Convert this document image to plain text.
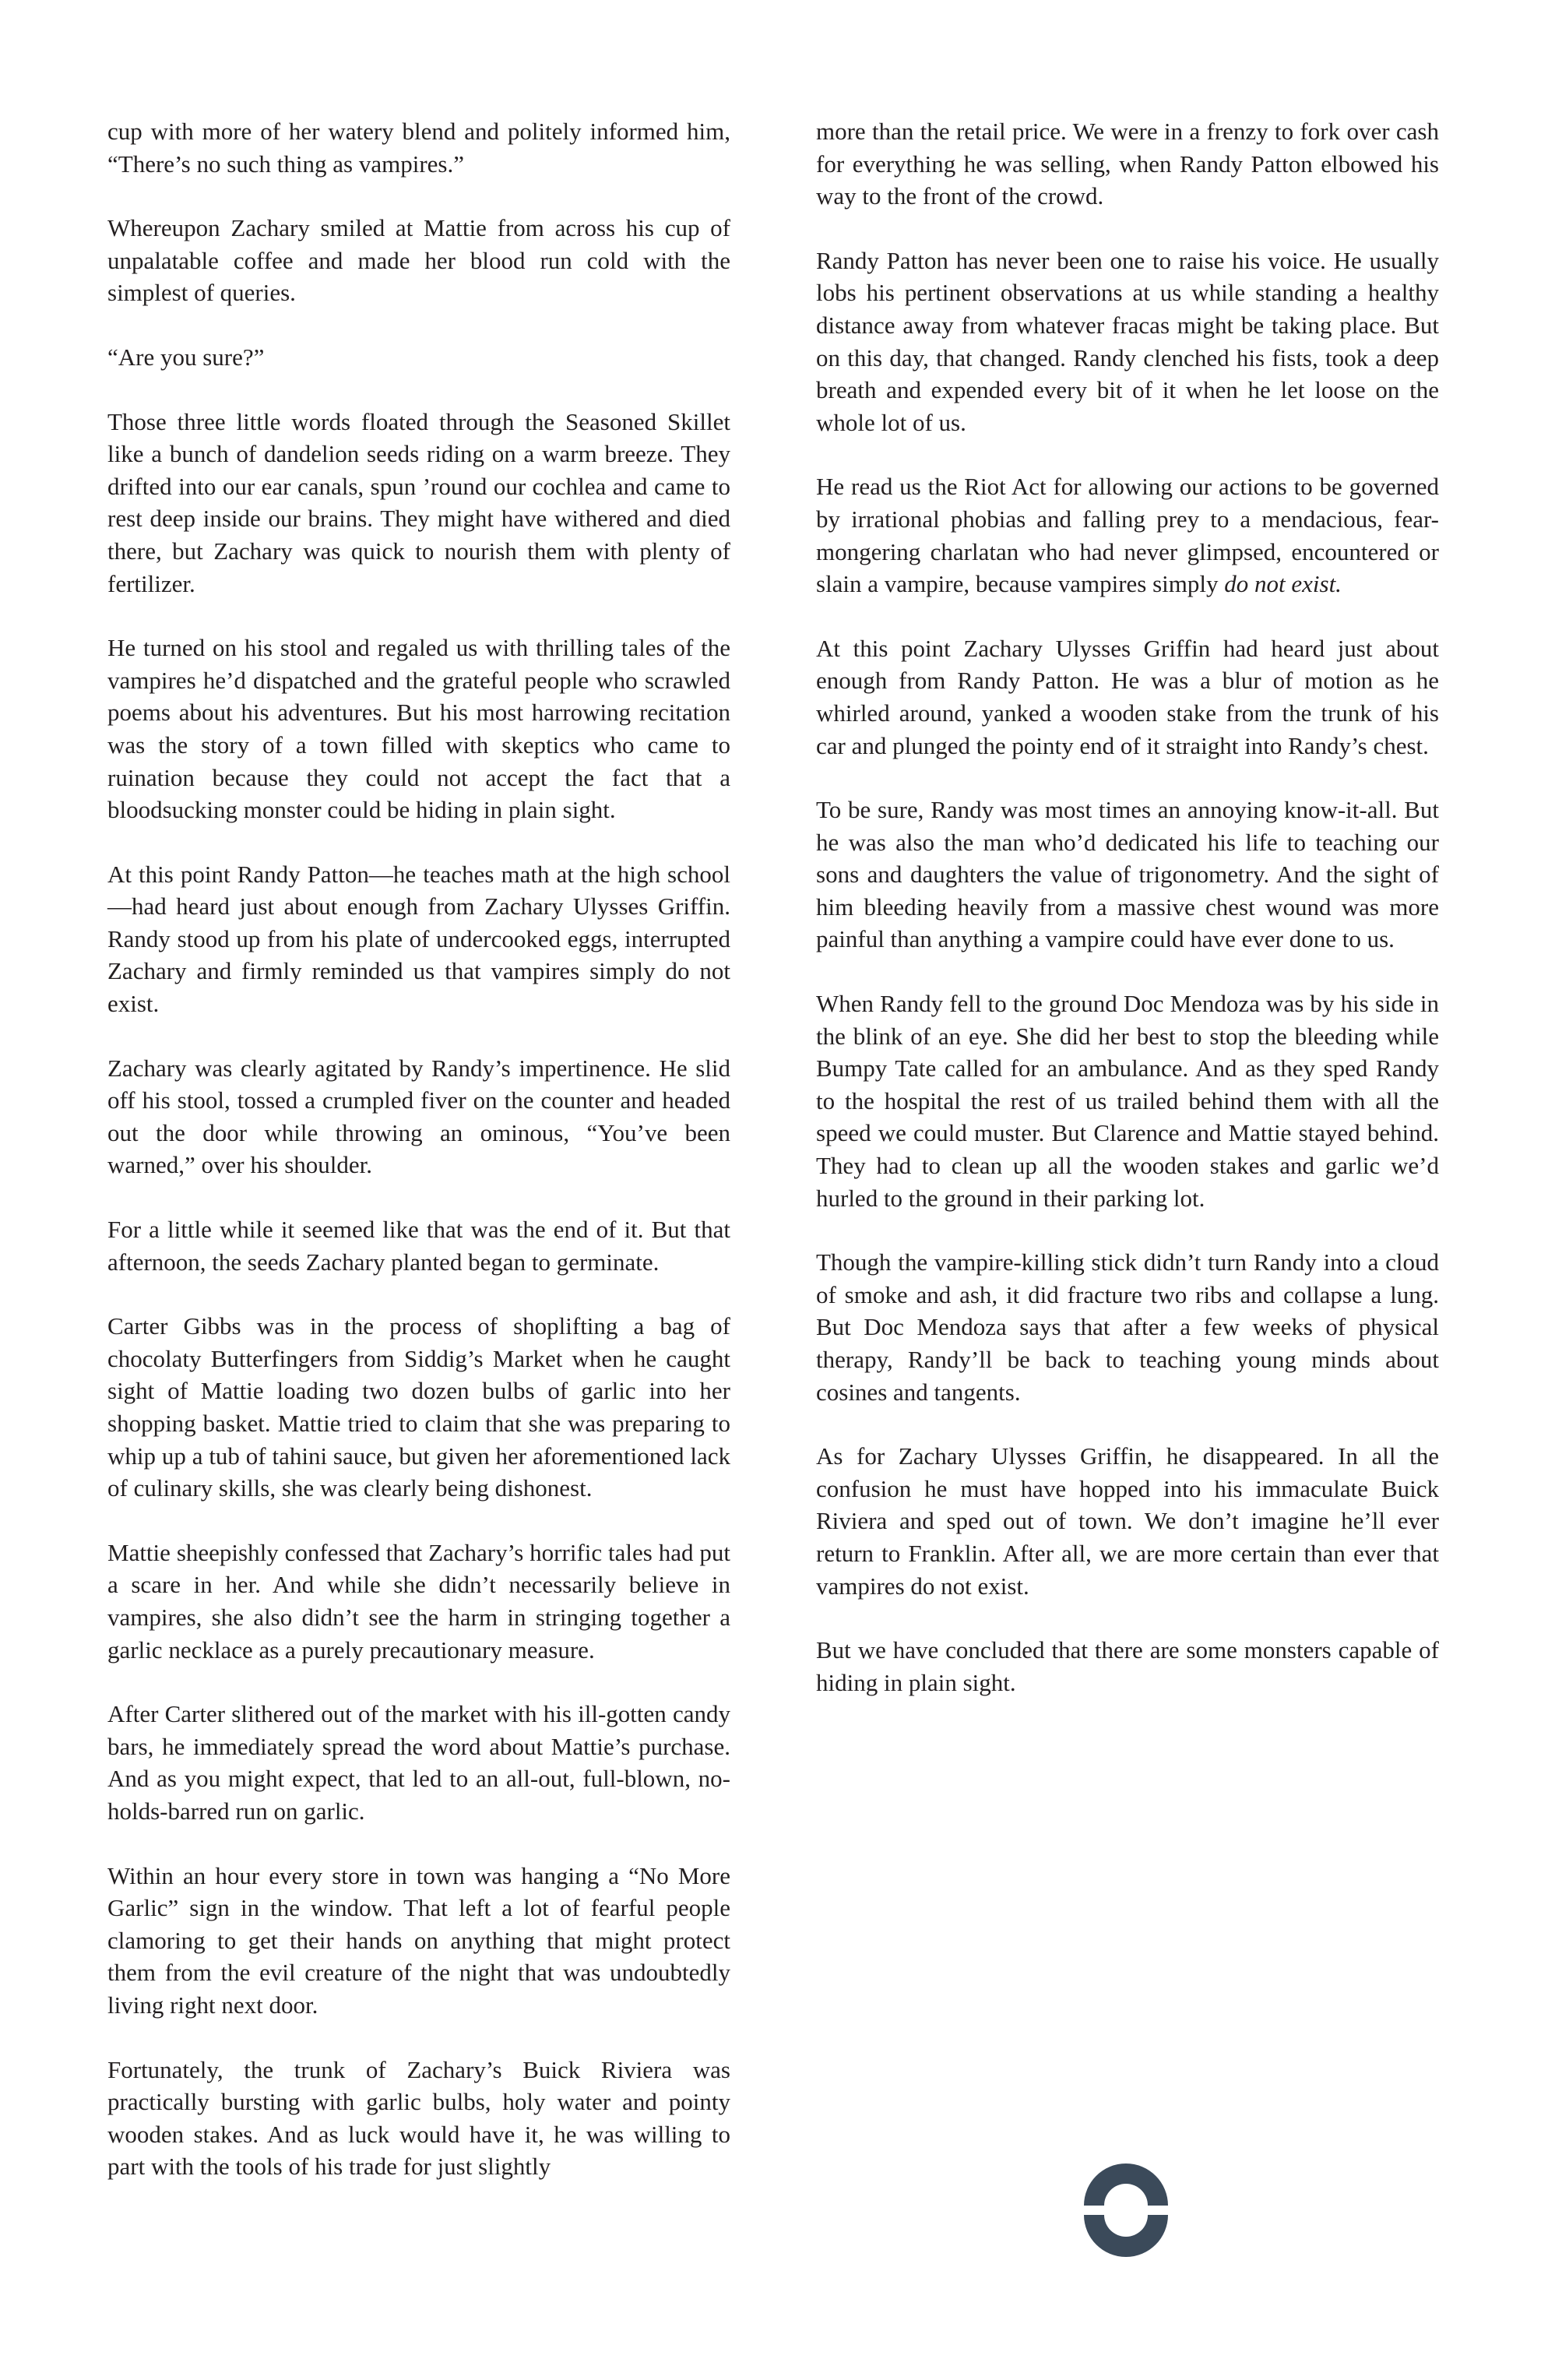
cup with more of her watery blend and politely informed him, “There’s no such thing as vampires.”

Whereupon Zachary smiled at Mattie from across his cup of unpalatable coffee and made her blood run cold with the simplest of queries.

“Are you sure?”

Those three little words floated through the Seasoned Skillet like a bunch of dandelion seeds riding on a warm breeze. They drifted into our ear canals, spun ’round our cochlea and came to rest deep inside our brains. They might have withered and died there, but Zachary was quick to nourish them with plenty of fertilizer.

He turned on his stool and regaled us with thrilling tales of the vampires he’d dispatched and the grateful people who scrawled poems about his adventures. But his most harrowing recitation was the story of a town filled with skeptics who came to ruination because they could not accept the fact that a bloodsucking monster could be hiding in plain sight.

At this point Randy Patton—he teaches math at the high school—had heard just about enough from Zachary Ulysses Griffin. Randy stood up from his plate of undercooked eggs, interrupted Zachary and firmly reminded us that vampires simply do not exist.

Zachary was clearly agitated by Randy’s impertinence. He slid off his stool, tossed a crumpled fiver on the counter and headed out the door while throwing an ominous, “You’ve been warned,” over his shoulder.

For a little while it seemed like that was the end of it. But that afternoon, the seeds Zachary planted began to germinate.

Carter Gibbs was in the process of shoplifting a bag of chocolaty Butterfingers from Siddig’s Market when he caught sight of Mattie loading two dozen bulbs of garlic into her shopping basket. Mattie tried to claim that she was preparing to whip up a tub of tahini sauce, but given her aforementioned lack of culinary skills, she was clearly being dishonest.

Mattie sheepishly confessed that Zachary’s horrific tales had put a scare in her. And while she didn’t necessarily believe in vampires, she also didn’t see the harm in stringing together a garlic necklace as a purely precautionary measure.

After Carter slithered out of the market with his ill-gotten candy bars, he immediately spread the word about Mattie’s purchase. And as you might expect, that led to an all-out, full-blown, no-holds-barred run on garlic.

Within an hour every store in town was hanging a “No More Garlic” sign in the window. That left a lot of fearful people clamoring to get their hands on anything that might protect them from the evil creature of the night that was undoubtedly living right next door.

Fortunately, the trunk of Zachary’s Buick Riviera was practically bursting with garlic bulbs, holy water and pointy wooden stakes. And as luck would have it, he was willing to part with the tools of his trade for just slightly

more than the retail price. We were in a frenzy to fork over cash for everything he was selling, when Randy Patton elbowed his way to the front of the crowd.

Randy Patton has never been one to raise his voice. He usually lobs his pertinent observations at us while standing a healthy distance away from whatever fracas might be taking place. But on this day, that changed. Randy clenched his fists, took a deep breath and expended every bit of it when he let loose on the whole lot of us.

He read us the Riot Act for allowing our actions to be governed by irrational phobias and falling prey to a mendacious, fear-mongering charlatan who had never glimpsed, encountered or slain a vampire, because vampires simply do not exist.

At this point Zachary Ulysses Griffin had heard just about enough from Randy Patton. He was a blur of motion as he whirled around, yanked a wooden stake from the trunk of his car and plunged the pointy end of it straight into Randy’s chest.

To be sure, Randy was most times an annoying know-it-all. But he was also the man who’d dedicated his life to teaching our sons and daughters the value of trigonometry. And the sight of him bleeding heavily from a massive chest wound was more painful than anything a vampire could have ever done to us.

When Randy fell to the ground Doc Mendoza was by his side in the blink of an eye. She did her best to stop the bleeding while Bumpy Tate called for an ambulance. And as they sped Randy to the hospital the rest of us trailed behind them with all the speed we could muster. But Clarence and Mattie stayed behind. They had to clean up all the wooden stakes and garlic we’d hurled to the ground in their parking lot.

Though the vampire-killing stick didn’t turn Randy into a cloud of smoke and ash, it did fracture two ribs and collapse a lung. But Doc Mendoza says that after a few weeks of physical therapy, Randy’ll be back to teaching young minds about cosines and tangents.

As for Zachary Ulysses Griffin, he disappeared. In all the confusion he must have hopped into his immaculate Buick Riviera and sped out of town. We don’t imagine he’ll ever return to Franklin. After all, we are more certain than ever that vampires do not exist.

But we have concluded that there are some monsters capable of hiding in plain sight.
